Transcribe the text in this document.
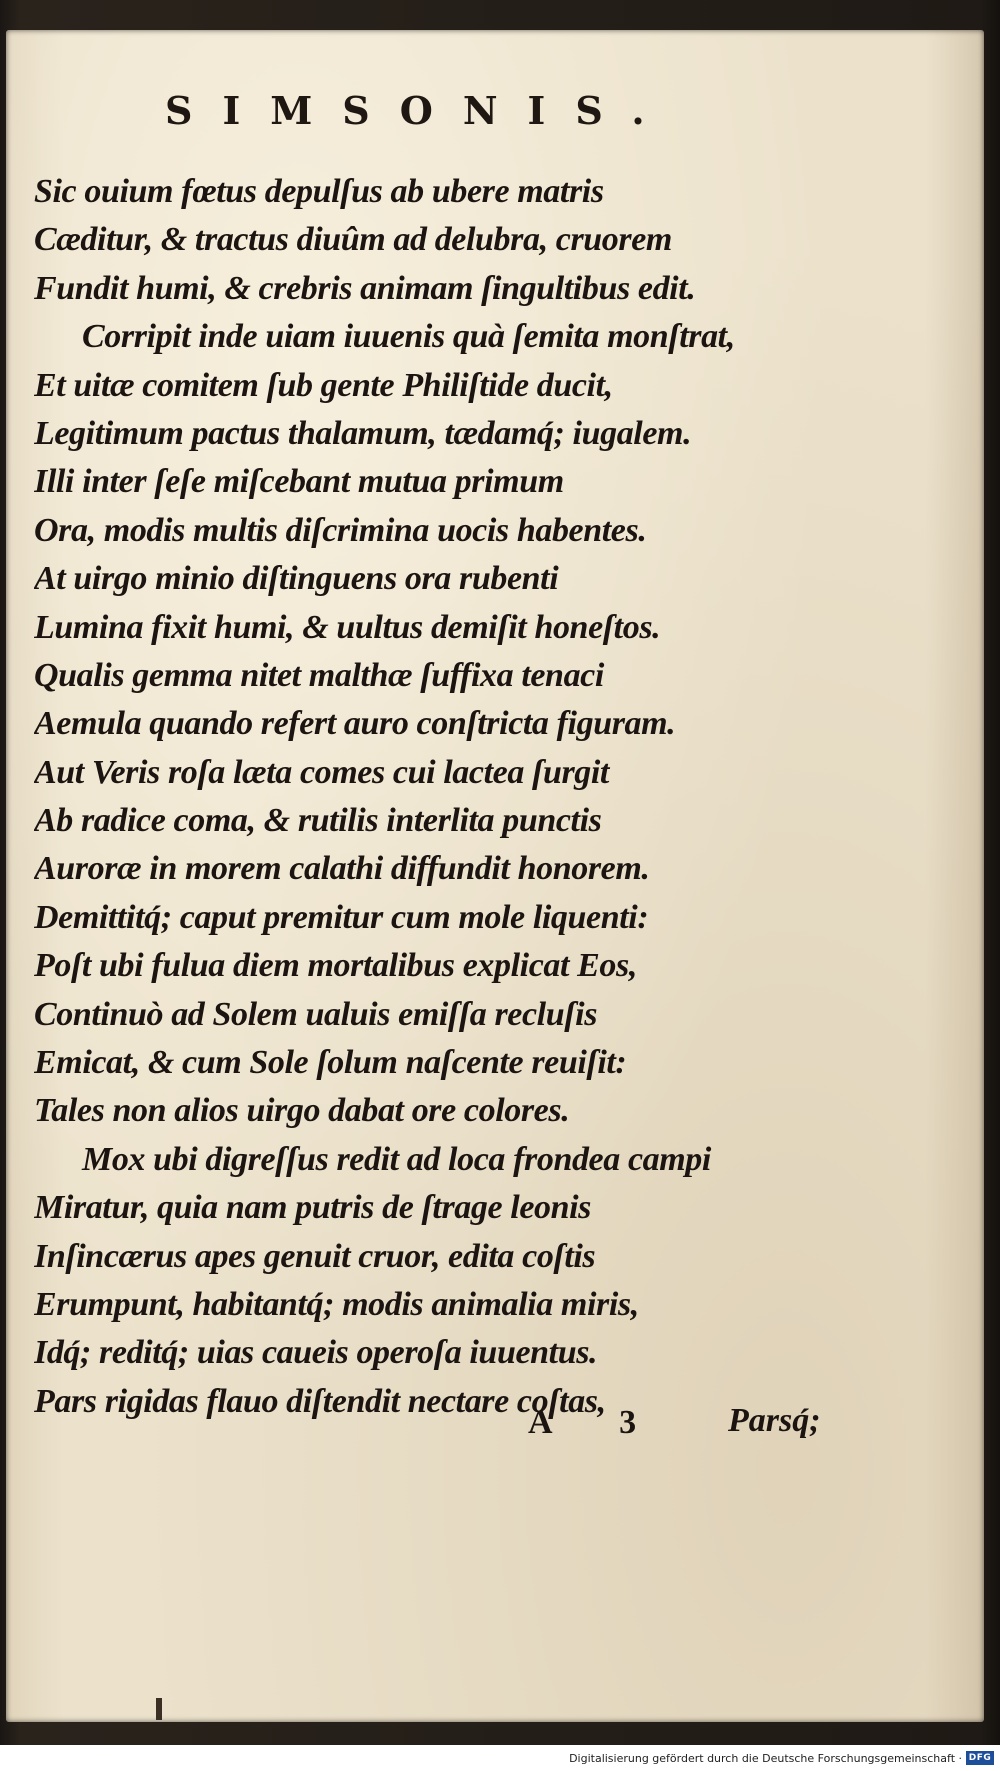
SIMSONIS.
Sic ouium fœtus depulſus ab ubere matris
Cæditur, & tractus diuûm ad delubra, cruorem
Fundit humi, & crebris animam ſingultibus edit.
Corripit inde uiam iuuenis quà ſemita monſtrat,
Et uitæ comitem ſub gente Philiſtide ducit,
Legitimum pactus thalamum, tædamq́; iugalem.
Illi inter ſeſe miſcebant mutua primum
Ora, modis multis diſcrimina uocis habentes.
At uirgo minio diſtinguens ora rubenti
Lumina fixit humi, & uultus demiſit honeſtos.
Qualis gemma nitet malthæ ſuffixa tenaci
Aemula quando refert auro conſtricta figuram.
Aut Veris roſa læta comes cui lactea ſurgit
Ab radice coma, & rutilis interlita punctis
Auroræ in morem calathi diffundit honorem.
Demittitq́; caput premitur cum mole liquenti:
Poſt ubi fulua diem mortalibus explicat Eos,
Continuò ad Solem ualuis emiſſa recluſis
Emicat, & cum Sole ſolum naſcente reuiſit:
Tales non alios uirgo dabat ore colores.
Mox ubi digreſſus redit ad loca frondea campi
Miratur, quia nam putris de ſtrage leonis
Inſincærus apes genuit cruor, edita coſtis
Erumpunt, habitantq́; modis animalia miris,
Idq́; reditq́; uias caueis operoſa iuuentus.
Pars rigidas flauo diſtendit nectare coſtas,
A 3 Parsq́;
Digitalisierung gefördert durch die Deutsche Forschungsgemeinschaft · DFG
